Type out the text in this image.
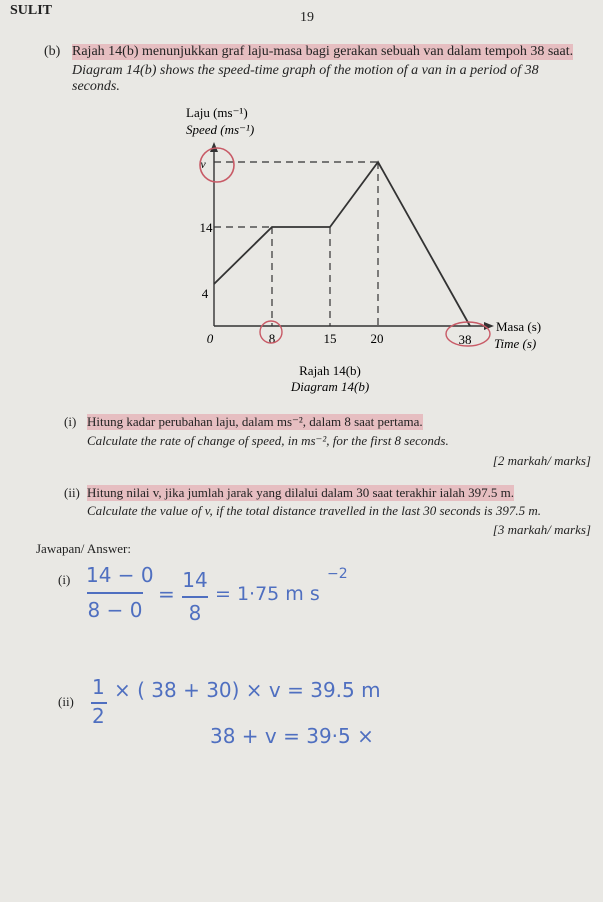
SULIT	19
(b) Rajah 14(b) menunjukkan graf laju-masa bagi gerakan sebuah van dalam tempoh 38 saat.
Diagram 14(b) shows the speed-time graph of the motion of a van in a period of 38
seconds.
Laju (ms⁻¹)
Speed (ms⁻¹)
v
14
4
0	8	15	20	38
Masa (s)
Time (s)
Rajah 14(b)
Diagram 14(b)
(i) Hitung kadar perubahan laju, dalam ms⁻², dalam 8 saat pertama.
Calculate the rate of change of speed, in ms⁻², for the first 8 seconds.
[2 markah/ marks]
(ii) Hitung nilai v, jika jumlah jarak yang dilalui dalam 30 saat terakhir ialah 397.5 m.
Calculate the value of v, if the total distance travelled in the last 30 seconds is 397.5 m.
[3 markah/ marks]
Jawapan/ Answer:
(i) 14 − 0
8 − 0
=
14
8
= 1·75 m s
−2
(ii)
1
2
× ( 38 + 30) × v = 39.5 m
38 + v = 39·5 ×
